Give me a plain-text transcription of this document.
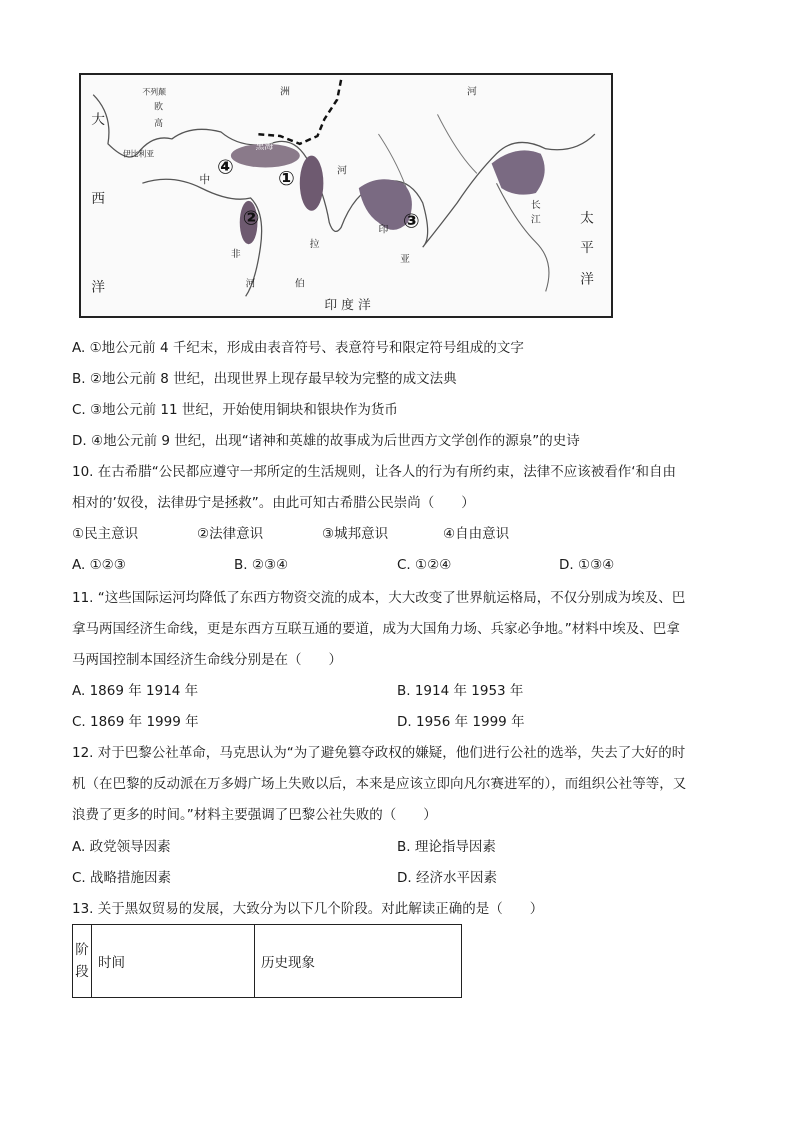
大
西
洋
不列颠
欧
高
伊比利亚
中
黑海
洲
非
河
拉
伯
河
亚
印
河
长
江	太
平
洋
印 度 洋
④
①
②	③
A. ①地公元前 4 千纪末，形成由表音符号、表意符号和限定符号组成的文字
B. ②地公元前 8 世纪，出现世界上现存最早较为完整的成文法典
C. ③地公元前 11 世纪，开始使用铜块和银块作为货币
D. ④地公元前 9 世纪，出现“诸神和英雄的故事成为后世西方文学创作的源泉”的史诗
10. 在古希腊“公民都应遵守一邦所定的生活规则，让各人的行为有所约束，法律不应该被看作‘和自由
相对的’奴役，法律毋宁是拯救”。由此可知古希腊公民崇尚（　　）
①民主意识	②法律意识	③城邦意识	④自由意识
A. ①②③	B. ②③④	C. ①②④	D. ①③④
11. “这些国际运河均降低了东西方物资交流的成本，大大改变了世界航运格局，不仅分别成为埃及、巴
拿马两国经济生命线，更是东西方互联互通的要道，成为大国角力场、兵家必争地。”材料中埃及、巴拿
马两国控制本国经济生命线分别是在（　　）
A. 1869 年 1914 年	B. 1914 年 1953 年
C. 1869 年 1999 年	D. 1956 年 1999 年
12. 对于巴黎公社革命，马克思认为“为了避免篡夺政权的嫌疑，他们进行公社的选举，失去了大好的时
机（在巴黎的反动派在万多姆广场上失败以后，本来是应该立即向凡尔赛进军的），而组织公社等等，又
浪费了更多的时间。”材料主要强调了巴黎公社失败的（　　）
A. 政党领导因素	B. 理论指导因素
C. 战略措施因素	D. 经济水平因素
13. 关于黑奴贸易的发展，大致分为以下几个阶段。对此解读正确的是（　　）
阶段	时间	历史现象
